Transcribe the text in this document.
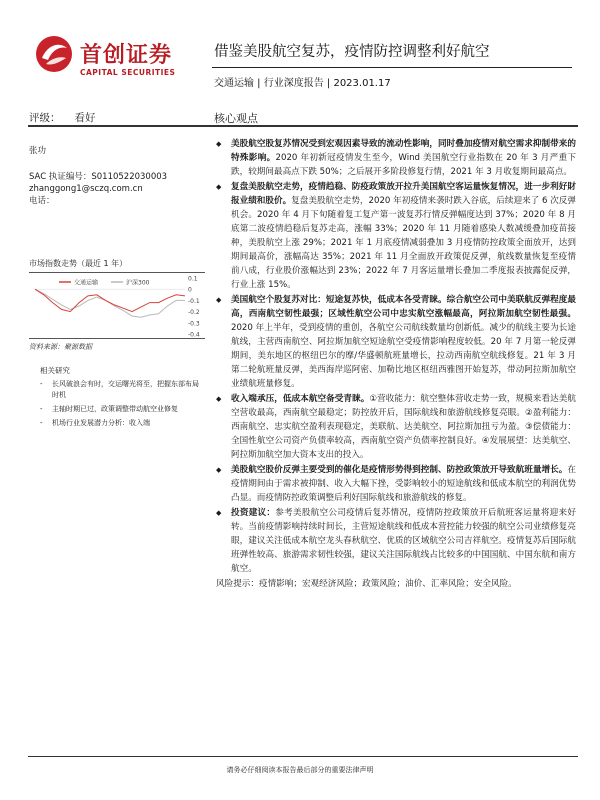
首创证券
CAPITAL SECURITIES
借鉴美股航空复苏，疫情防控调整利好航空
交通运输 | 行业深度报告 | 2023.01.17
评级： 看好	核心观点
张功
SAC 执证编号：S0110522030003
zhanggong1@sczq.com.cn
电话：
市场指数走势（最近 1 年）
0.1
0
-0.1
-0.2
-0.3
-0.4
交通运输	沪深300
资料来源：聚源数据
相关研究
- 长风破浪会有时，交运曙光将至，把握东部布局时机
- 主轴时期已过，政策调整带动航空业修复
- 机场行业发展潜力分析：收入端
◆ 美股航空股复苏情况受到宏观因素导致的流动性影响，同时叠加疫情对航空需求抑制带来的特殊影响。2020 年初新冠疫情发生至今，Wind 美国航空行业指数在 20 年 3 月严重下跌，较期间最高点下跌 50%；之后展开多阶段修复行情，2021 年 3 月收复期间最高点。
◆ 复盘美股航空走势，疫情趋稳、防疫政策放开拉升美国航空客运量恢复情况，进一步利好財报业绩和股价。复盘美股航空走势，2020 年初疫情来袭时跌入谷底，后续迎来了 6 次反弹机会。2020 年 4 月下旬随着复工复产第一波复苏行情反弹幅度达到 37%；2020 年 8 月底第二波疫情趋稳后复苏走高，涨幅 33%；2020 年 11 月随着感染人数减缓叠加疫苗接种，美股航空上涨 29%；2021 年 1 月底疫情减弱叠加 3 月疫情防控政策全面放开，达到期间最高价，涨幅高达 35%；2021 年 11 月全面放开政策促反弹，航线数量恢复至疫情前八成，行业股价涨幅达到 23%；2022 年 7 月客运量增长叠加二季度报表披露促反弹，行业上涨 15%。
◆ 美国航空个股复苏对比：短途复苏快，低成本各受青睐。综合航空公司中美联航反弹程度最高，西南航空韧性最强；区域性航空公司中忠实航空涨幅最高，阿拉斯加航空韧性最强。2020 年上半年，受到疫情的重创，各航空公司航线数量均创新低。减少的航线主要为长途航线，主营西南航空、阿拉斯加航空短途航空受疫情影响程度较低。20 年 7 月第一轮反弹期间，美东地区的枢纽巴尔的摩/华盛顿航班量增长，拉动西南航空航线修复。21 年 3 月第二轮航班量反弹，美西海岸巡阿密、加勒比地区枢纽西雅图开始复苏，带动阿拉斯加航空业绩航班量修复。
◆ 收入端承压，低成本航空备受青睐。①营收能力：航空整体营收走势一致，规模来看达美航空营收最高，西南航空最稳定；防控放开后，国际航线和旅游航线修复亮眼。②盈利能力：西南航空、忠实航空盈利表现稳定，美联航、达美航空、阿拉斯加扭亏为盈。③偿债能力：全国性航空公司资产负债率较高，西南航空资产负债率控制良好。④发展展望：达美航空、阿拉斯加航空加大资本支出的投入。
◆ 美股航空股价反弹主要受到的催化是疫情形势得到控制、防控政策放开导致航班量增长。在疫情期间由于需求被抑制、收入大幅下挫，受影响较小的短途航线和低成本航空的利润优势凸显。而疫情防控政策调整后利好国际航线和旅游航线的修复。
◆ 投资建议：参考美股航空公司疫情后复苏情况，疫情防控政策放开后航班客运量将迎来好转。当前疫情影响持续时间长，主营短途航线和低成本营控能力较强的航空公司业绩修复亮眼，建议关注低成本航空龙头春秋航空、优质的区域航空公司吉祥航空。疫情复苏后国际航班弹性较高、旅游需求韧性较强，建议关注国际航线占比较多的中国国航、中国东航和南方航空。
风险提示：疫情影响；宏观经济风险；政策风险；油价、汇率风险；安全风险。
请务必仔细阅读本报告最后部分的重要法律声明
